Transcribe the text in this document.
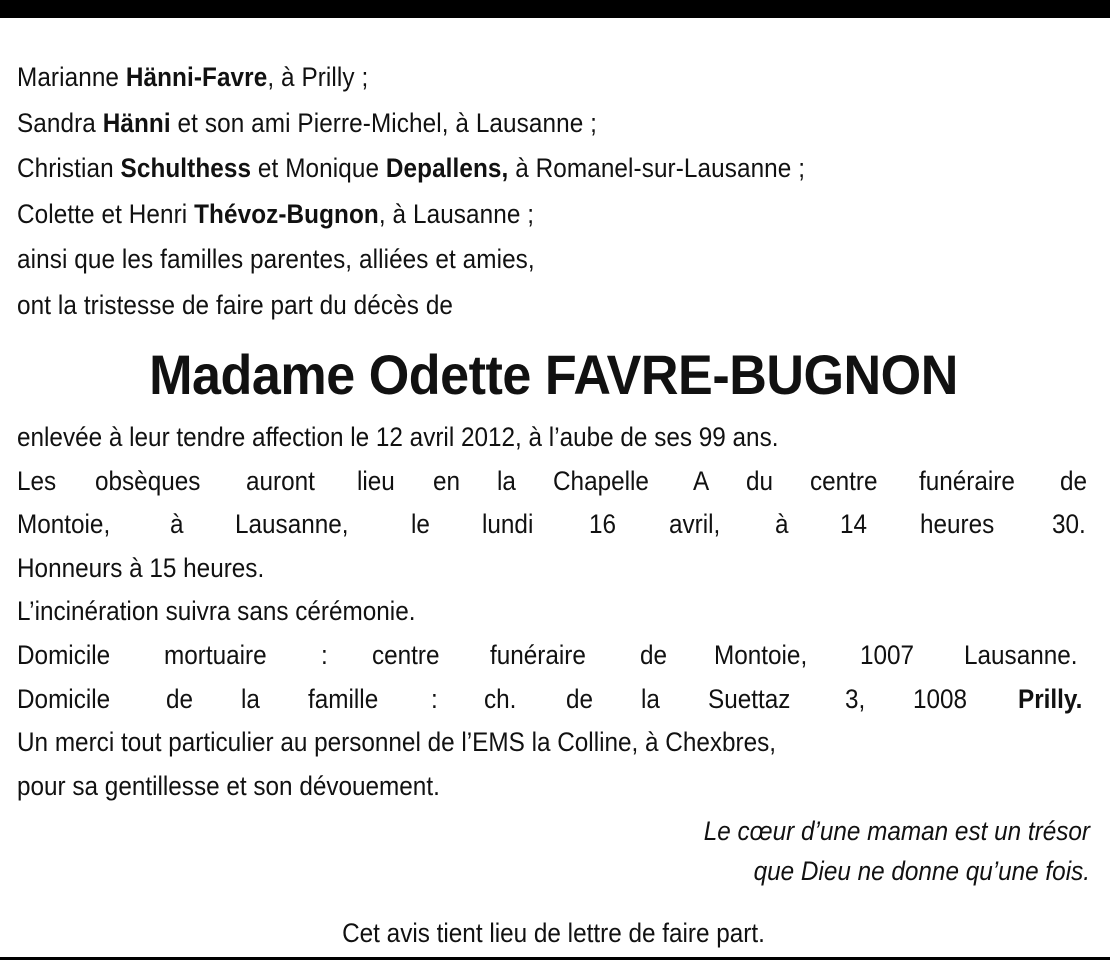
Marianne Hänni-Favre, à Prilly ;
Sandra Hänni et son ami Pierre-Michel, à Lausanne ;
Christian Schulthess et Monique Depallens, à Romanel-sur-Lausanne ;
Colette et Henri Thévoz-Bugnon, à Lausanne ;
ainsi que les familles parentes, alliées et amies,
ont la tristesse de faire part du décès de
Madame Odette FAVRE-BUGNON
enlevée à leur tendre affection le 12 avril 2012, à l’aube de ses 99 ans.
Les obsèques auront lieu en la Chapelle A du centre funéraire de
Montoie, à Lausanne, le lundi 16 avril, à 14 heures 30.
Honneurs à 15 heures.
L’incinération suivra sans cérémonie.
Domicile mortuaire : centre funéraire de Montoie, 1007 Lausanne.
Domicile de la famille : ch. de la Suettaz 3, 1008 Prilly.
Un merci tout particulier au personnel de l’EMS la Colline, à Chexbres,
pour sa gentillesse et son dévouement.
Le cœur d’une maman est un trésor
que Dieu ne donne qu’une fois.
Cet avis tient lieu de lettre de faire part.
